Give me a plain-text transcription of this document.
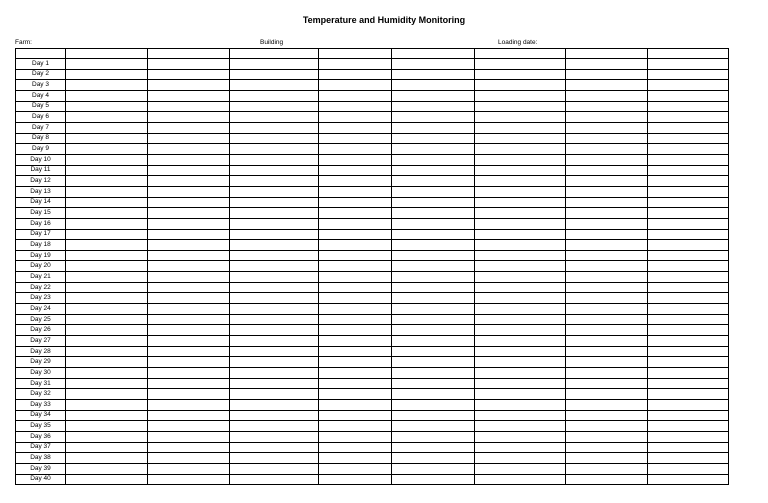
Temperature and Humidity Monitoring
Farm:	Building	Loading date:

Day 1								
Day 2								
Day 3								
Day 4								
Day 5								
Day 6								
Day 7								
Day 8								
Day 9								
Day 10								
Day 11								
Day 12								
Day 13								
Day 14								
Day 15								
Day 16								
Day 17								
Day 18								
Day 19								
Day 20								
Day 21								
Day 22								
Day 23								
Day 24								
Day 25								
Day 26								
Day 27								
Day 28								
Day 29								
Day 30								
Day 31								
Day 32								
Day 33								
Day 34								
Day 35								
Day 36								
Day 37								
Day 38								
Day 39								
Day 40								
